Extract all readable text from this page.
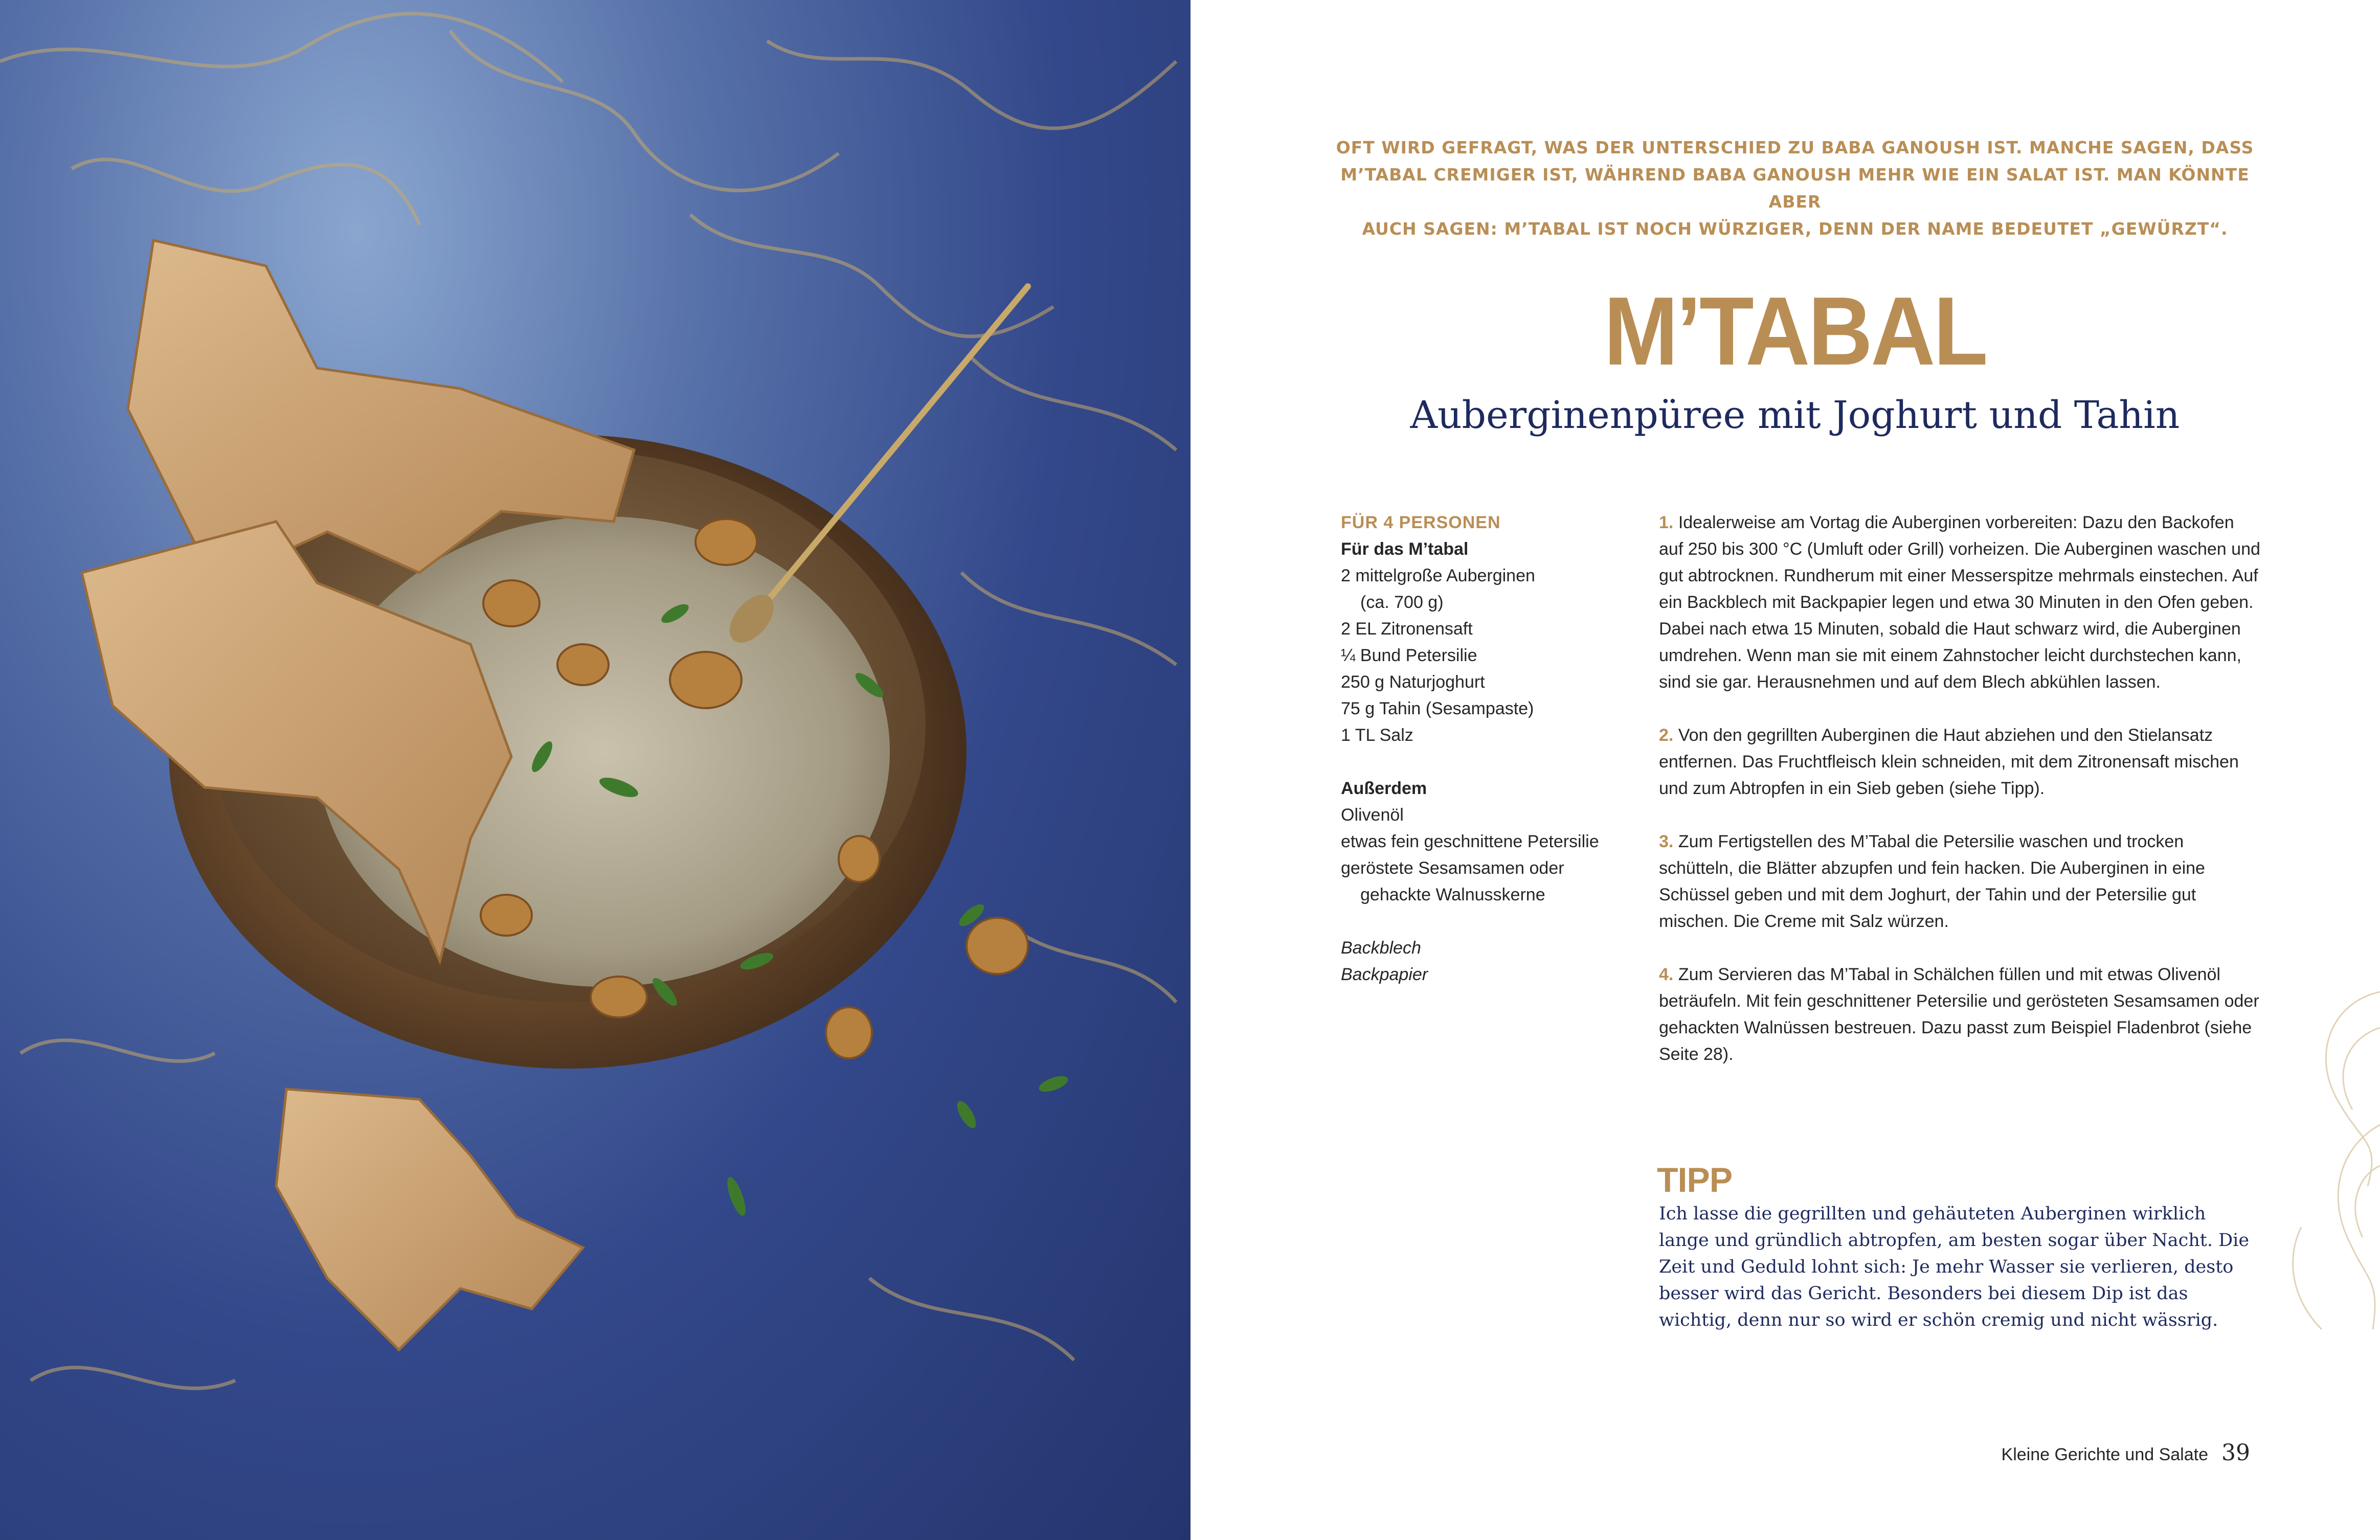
OFT WIRD GEFRAGT, WAS DER UNTERSCHIED ZU BABA GANOUSH IST. MANCHE SAGEN, DASS
M’TABAL CREMIGER IST, WÄHREND BABA GANOUSH MEHR WIE EIN SALAT IST. MAN KÖNNTE ABER
AUCH SAGEN: M’TABAL IST NOCH WÜRZIGER, DENN DER NAME BEDEUTET „GEWÜRZT“.
M’TABAL
Auberginenpüree mit Joghurt und Tahin
FÜR 4 PERSONEN
Für das M’tabal
2 mittelgroße Auberginen
(ca. 700 g)
2 EL Zitronensaft
¼ Bund Petersilie
250 g Naturjoghurt
75 g Tahin (Sesampaste)
1 TL Salz
Außerdem
Olivenöl
etwas fein geschnittene Petersilie
geröstete Sesamsamen oder
gehackte Walnusskerne
Backblech
Backpapier

1. Idealerweise am Vortag die Auberginen vorbereiten: Dazu den Backofen auf 250 bis 300 °C (Umluft oder Grill) vorheizen. Die Auberginen waschen und gut abtrocknen. Rundherum mit einer Messerspitze mehrmals einstechen. Auf ein Backblech mit Backpapier legen und etwa 30 Minuten in den Ofen geben. Dabei nach etwa 15 Minuten, sobald die Haut schwarz wird, die Auberginen umdrehen. Wenn man sie mit einem Zahnstocher leicht durchstechen kann, sind sie gar. Herausnehmen und auf dem Blech abkühlen lassen.

2. Von den gegrillten Auberginen die Haut abziehen und den Stielansatz entfernen. Das Fruchtfleisch klein schneiden, mit dem Zitronensaft mischen und zum Abtropfen in ein Sieb geben (siehe Tipp).

3. Zum Fertigstellen des M’Tabal die Petersilie waschen und trocken schütteln, die Blätter abzupfen und fein hacken. Die Auberginen in eine Schüssel geben und mit dem Joghurt, der Tahin und der Petersilie gut mischen. Die Creme mit Salz würzen.

4. Zum Servieren das M’Tabal in Schälchen füllen und mit etwas Olivenöl beträufeln. Mit fein geschnittener Petersilie und gerösteten Sesamsamen oder gehackten Walnüssen bestreuen. Dazu passt zum Beispiel Fladenbrot (siehe Seite 28).

TIPP
Ich lasse die gegrillten und gehäuteten Auberginen wirklich lange und gründlich abtropfen, am besten sogar über Nacht. Die Zeit und Geduld lohnt sich: Je mehr Wasser sie verlieren, desto besser wird das Gericht. Besonders bei diesem Dip ist das wichtig, denn nur so wird er schön cremig und nicht wässrig.
Kleine Gerichte und Salate 39
